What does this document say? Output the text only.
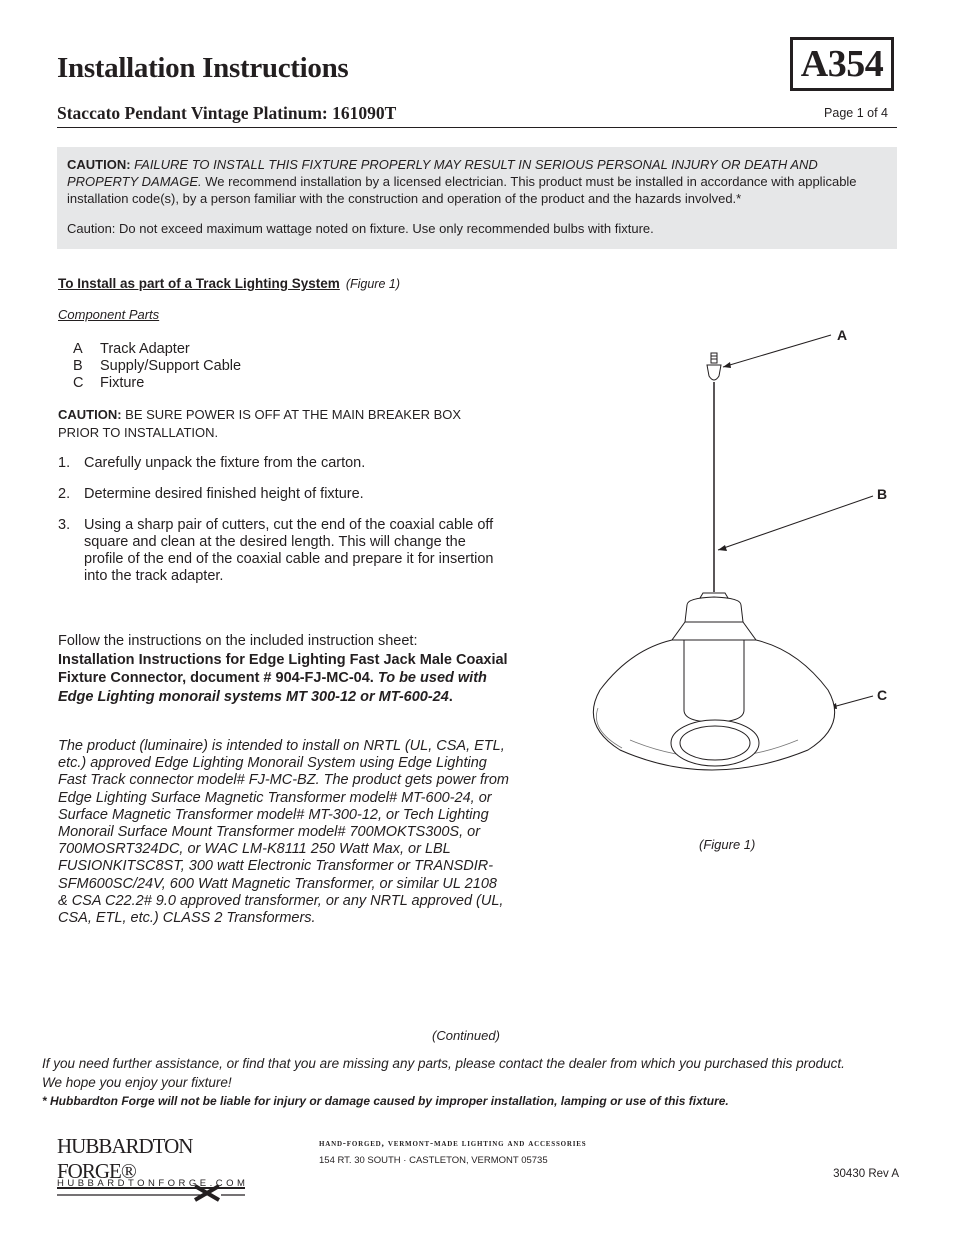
Installation Instructions
Staccato Pendant Vintage Platinum: 161090T
A354
Page 1 of 4

CAUTION: FAILURE TO INSTALL THIS FIXTURE PROPERLY MAY RESULT IN SERIOUS PERSONAL INJURY OR DEATH AND PROPERTY DAMAGE. We recommend installation by a licensed electrician. This product must be installed in accordance with applicable installation code(s), by a person familiar with the construction and operation of the product and the hazards involved.*

Caution: Do not exceed maximum wattage noted on fixture. Use only recommended bulbs with fixture.

To Install as part of a Track Lighting System (Figure 1)
Component Parts
A Track Adapter
B Supply/Support Cable
C Fixture
CAUTION: BE SURE POWER IS OFF AT THE MAIN BREAKER BOX PRIOR TO INSTALLATION.
1. Carefully unpack the fixture from the carton.
2. Determine desired finished height of fixture.
3. Using a sharp pair of cutters, cut the end of the coaxial cable off square and clean at the desired length. This will change the profile of the end of the coaxial cable and prepare it for insertion into the track adapter.
Follow the instructions on the included instruction sheet:
Installation Instructions for Edge Lighting Fast Jack Male Coaxial Fixture Connector, document # 904-FJ-MC-04. To be used with Edge Lighting monorail systems MT 300-12 or MT-600-24.
The product (luminaire) is intended to install on NRTL (UL, CSA, ETL, etc.) approved Edge Lighting Monorail System using Edge Lighting Fast Track connector model# FJ-MC-BZ. The product gets power from Edge Lighting Surface Magnetic Transformer model# MT-600-24, or Surface Magnetic Transformer model# MT-300-12, or Tech Lighting Monorail Surface Mount Transformer model# 700MOKTS300S, or 700MOSRT324DC, or WAC LM-K8111 250 Watt Max, or LBL FUSIONKITSC8ST, 300 watt Electronic Transformer or TRANSDIR-SFM600SC/24V, 600 Watt Magnetic Transformer, or similar UL 2108 & CSA C22.2# 9.0 approved transformer, or any NRTL approved (UL, CSA, ETL, etc.) CLASS 2 Transformers.
A
B
C
(Figure 1)
(Continued)
If you need further assistance, or find that you are missing any parts, please contact the dealer from which you purchased this product.
We hope you enjoy your fixture!
* Hubbardton Forge will not be liable for injury or damage caused by improper installation, lamping or use of this fixture.
HUBBARDTON FORGE®
HUBBARDTONFORGE.COM
hand-forged, vermont-made lighting and accessories
154 RT. 30 SOUTH · CASTLETON, VERMONT 05735
30430 Rev A
